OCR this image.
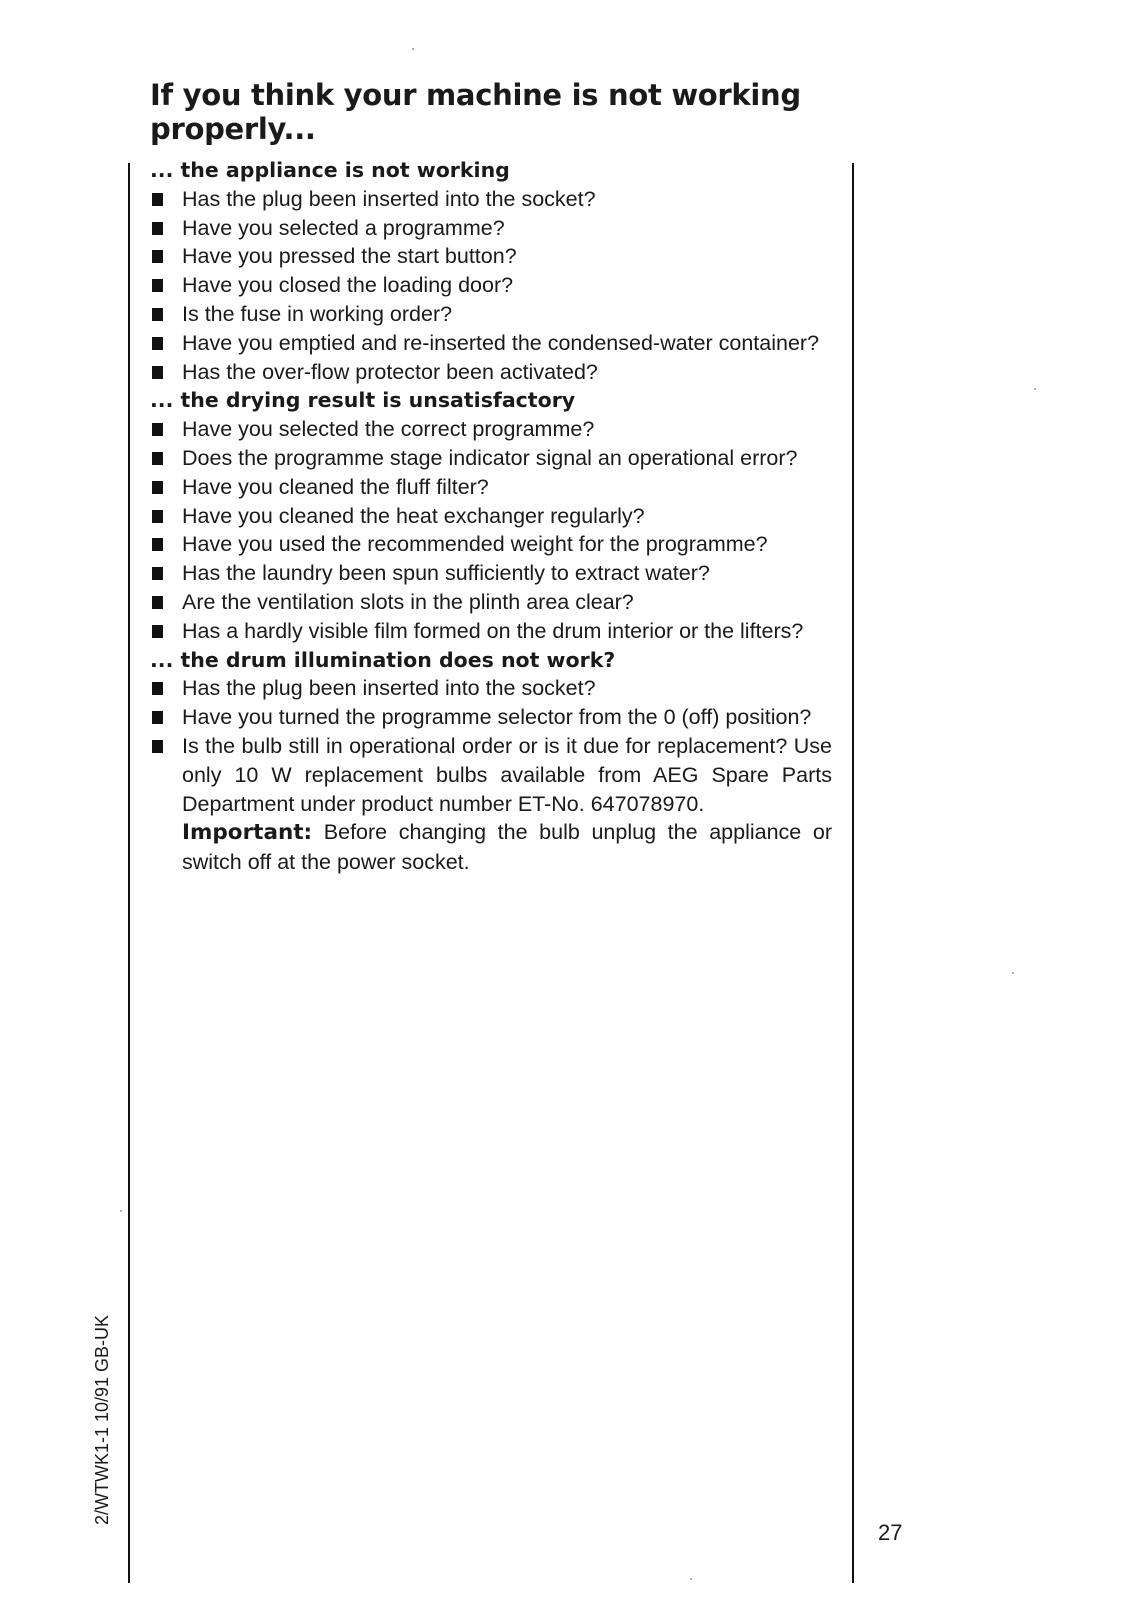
If you think your machine is not working properly...
... the appliance is not working
Has the plug been inserted into the socket?
Have you selected a programme?
Have you pressed the start button?
Have you closed the loading door?
Is the fuse in working order?
Have you emptied and re-inserted the condensed-water container?
Has the over-flow protector been activated?
... the drying result is unsatisfactory
Have you selected the correct programme?
Does the programme stage indicator signal an operational error?
Have you cleaned the fluff filter?
Have you cleaned the heat exchanger regularly?
Have you used the recommended weight for the programme?
Has the laundry been spun sufficiently to extract water?
Are the ventilation slots in the plinth area clear?
Has a hardly visible film formed on the drum interior or the lifters?
... the drum illumination does not work?
Has the plug been inserted into the socket?
Have you turned the programme selector from the 0 (off) position?
Is the bulb still in operational order or is it due for replacement? Use only 10 W replacement bulbs available from AEG Spare Parts Department under product number ET-No. 647078970.
Important: Before changing the bulb unplug the appliance or switch off at the power socket.
2/WTWK1-1 10/91 GB-UK
27
